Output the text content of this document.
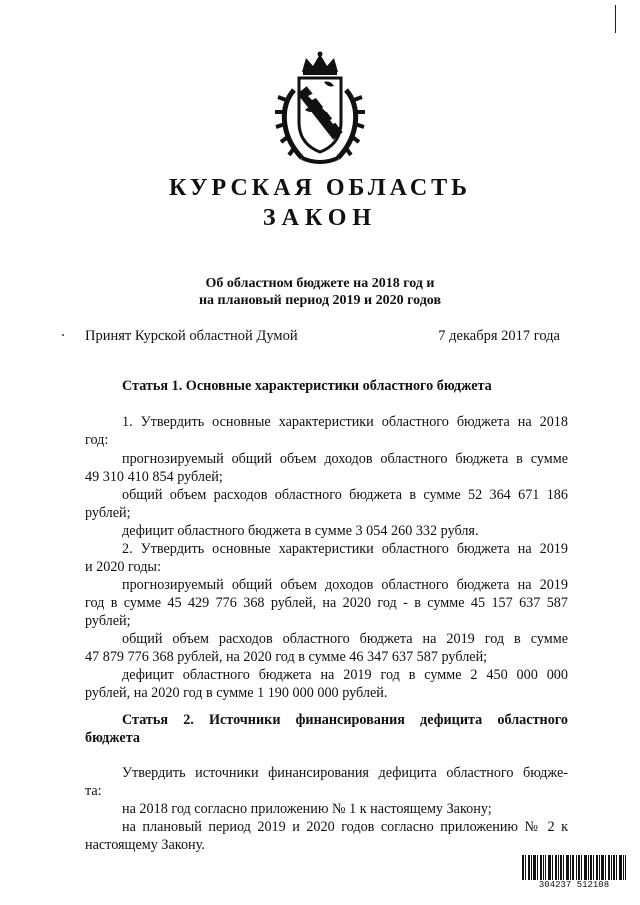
КУРСКАЯ ОБЛАСТЬ
ЗАКОН
Об областном бюджете на 2018 год и
на плановый период 2019 и 2020 годов
Принят Курской областной Думой	7 декабря 2017 года
Статья 1. Основные характеристики областного бюджета
1. Утвердить основные характеристики областного бюджета на 2018
год:
прогнозируемый общий объем доходов областного бюджета в сумме
49 310 410 854 рублей;
общий объем расходов областного бюджета в сумме 52 364 671 186
рублей;
дефицит областного бюджета в сумме 3 054 260 332 рубля.
2. Утвердить основные характеристики областного бюджета на 2019
и 2020 годы:
прогнозируемый общий объем доходов областного бюджета на 2019
год в сумме 45 429 776 368 рублей, на 2020 год - в сумме 45 157 637 587
рублей;
общий объем расходов областного бюджета на 2019 год в сумме
47 879 776 368 рублей, на 2020 год в сумме 46 347 637 587 рублей;
дефицит областного бюджета на 2019 год в сумме 2 450 000 000
рублей, на 2020 год в сумме 1 190 000 000 рублей.
Статья 2. Источники финансирования дефицита областного
бюджета
Утвердить источники финансирования дефицита областного бюдже-
та:
на 2018 год согласно приложению № 1 к настоящему Закону;
на плановый период 2019 и 2020 годов согласно приложению № 2 к
настоящему Закону.
304237 512108
